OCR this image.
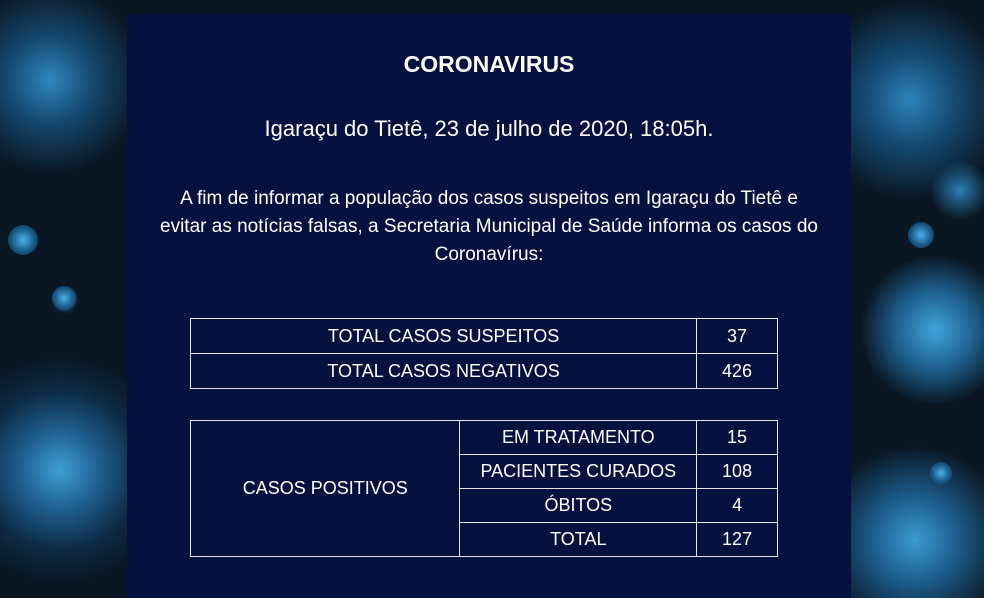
CORONAVIRUS
Igaraçu do Tietê, 23 de julho de 2020, 18:05h.
A fim de informar a população dos casos suspeitos em Igaraçu do Tietê e evitar as notícias falsas, a Secretaria Municipal de Saúde informa os casos do Coronavírus:
TOTAL CASOS SUSPEITOS	37
TOTAL CASOS NEGATIVOS	426
CASOS POSITIVOS	EM TRATAMENTO	15
	PACIENTES CURADOS	108
	ÓBITOS	4
	TOTAL	127
